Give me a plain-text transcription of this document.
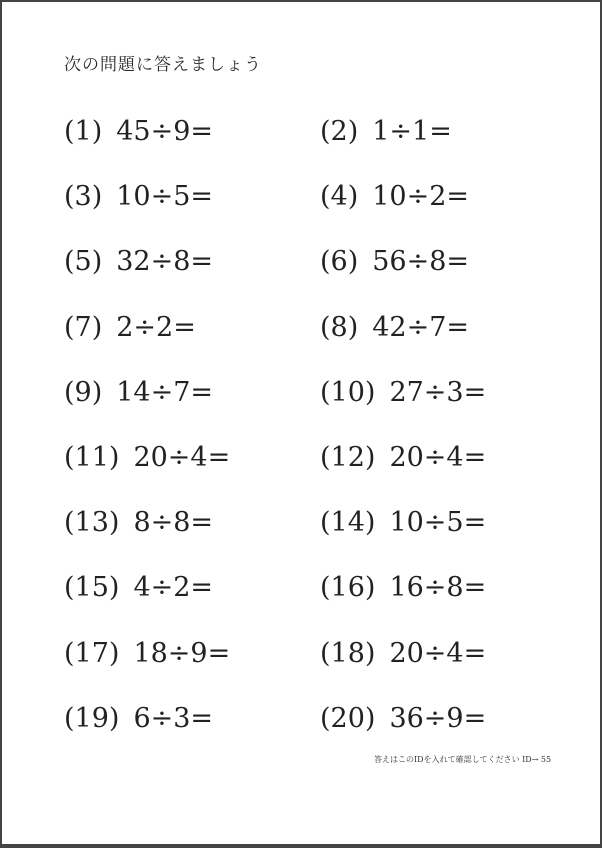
次の問題に答えましょう
(1) 45÷9=	(2) 1÷1=
(3) 10÷5=	(4) 10÷2=
(5) 32÷8=	(6) 56÷8=
(7) 2÷2=	(8) 42÷7=
(9) 14÷7=	(10) 27÷3=
(11) 20÷4=	(12) 20÷4=
(13) 8÷8=	(14) 10÷5=
(15) 4÷2=	(16) 16÷8=
(17) 18÷9=	(18) 20÷4=
(19) 6÷3=	(20) 36÷9=
答えはこのIDを入れて確認してください ID→ 55
